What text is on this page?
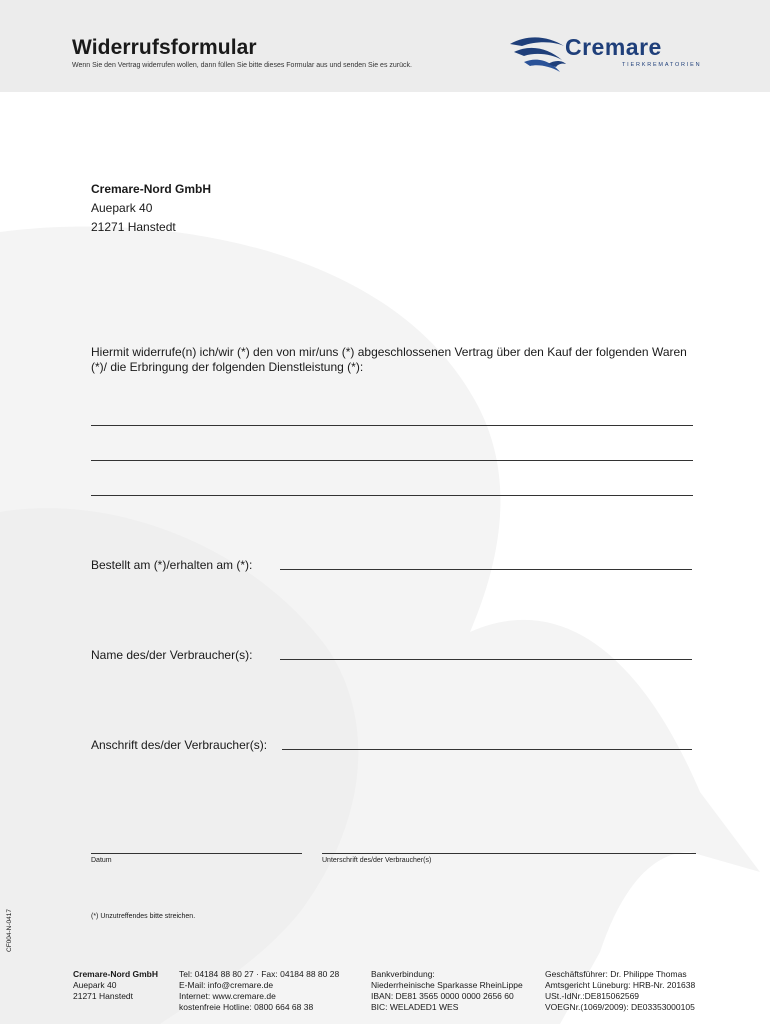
Widerrufsformular
Wenn Sie den Vertrag widerrufen wollen, dann füllen Sie bitte dieses Formular aus und senden Sie es zurück.
Cremare
TIERKREMATORIEN
Cremare-Nord GmbH
Auepark 40
21271 Hanstedt
Hiermit widerrufe(n) ich/wir (*) den von mir/uns (*) abgeschlossenen Vertrag über den Kauf der folgenden Waren (*)/ die Erbringung der folgenden Dienstleistung (*):
Bestellt am (*)/erhalten am (*):
Name des/der Verbraucher(s):
Anschrift des/der Verbraucher(s):
Datum	Unterschrift des/der Verbraucher(s)
CF004-N-0417	(*) Unzutreffendes bitte streichen.
Cremare-Nord GmbH
Auepark 40
21271 Hanstedt
Tel: 04184 88 80 27 · Fax: 04184 88 80 28
E-Mail: info@cremare.de
Internet: www.cremare.de
kostenfreie Hotline: 0800 664 68 38
Bankverbindung:
Niederrheinische Sparkasse RheinLippe
IBAN: DE81 3565 0000 0000 2656 60
BIC: WELADED1 WES
Geschäftsführer: Dr. Philippe Thomas
Amtsgericht Lüneburg: HRB-Nr. 201638
USt.-IdNr.:DE815062569
VOEGNr.(1069/2009): DE03353000105
